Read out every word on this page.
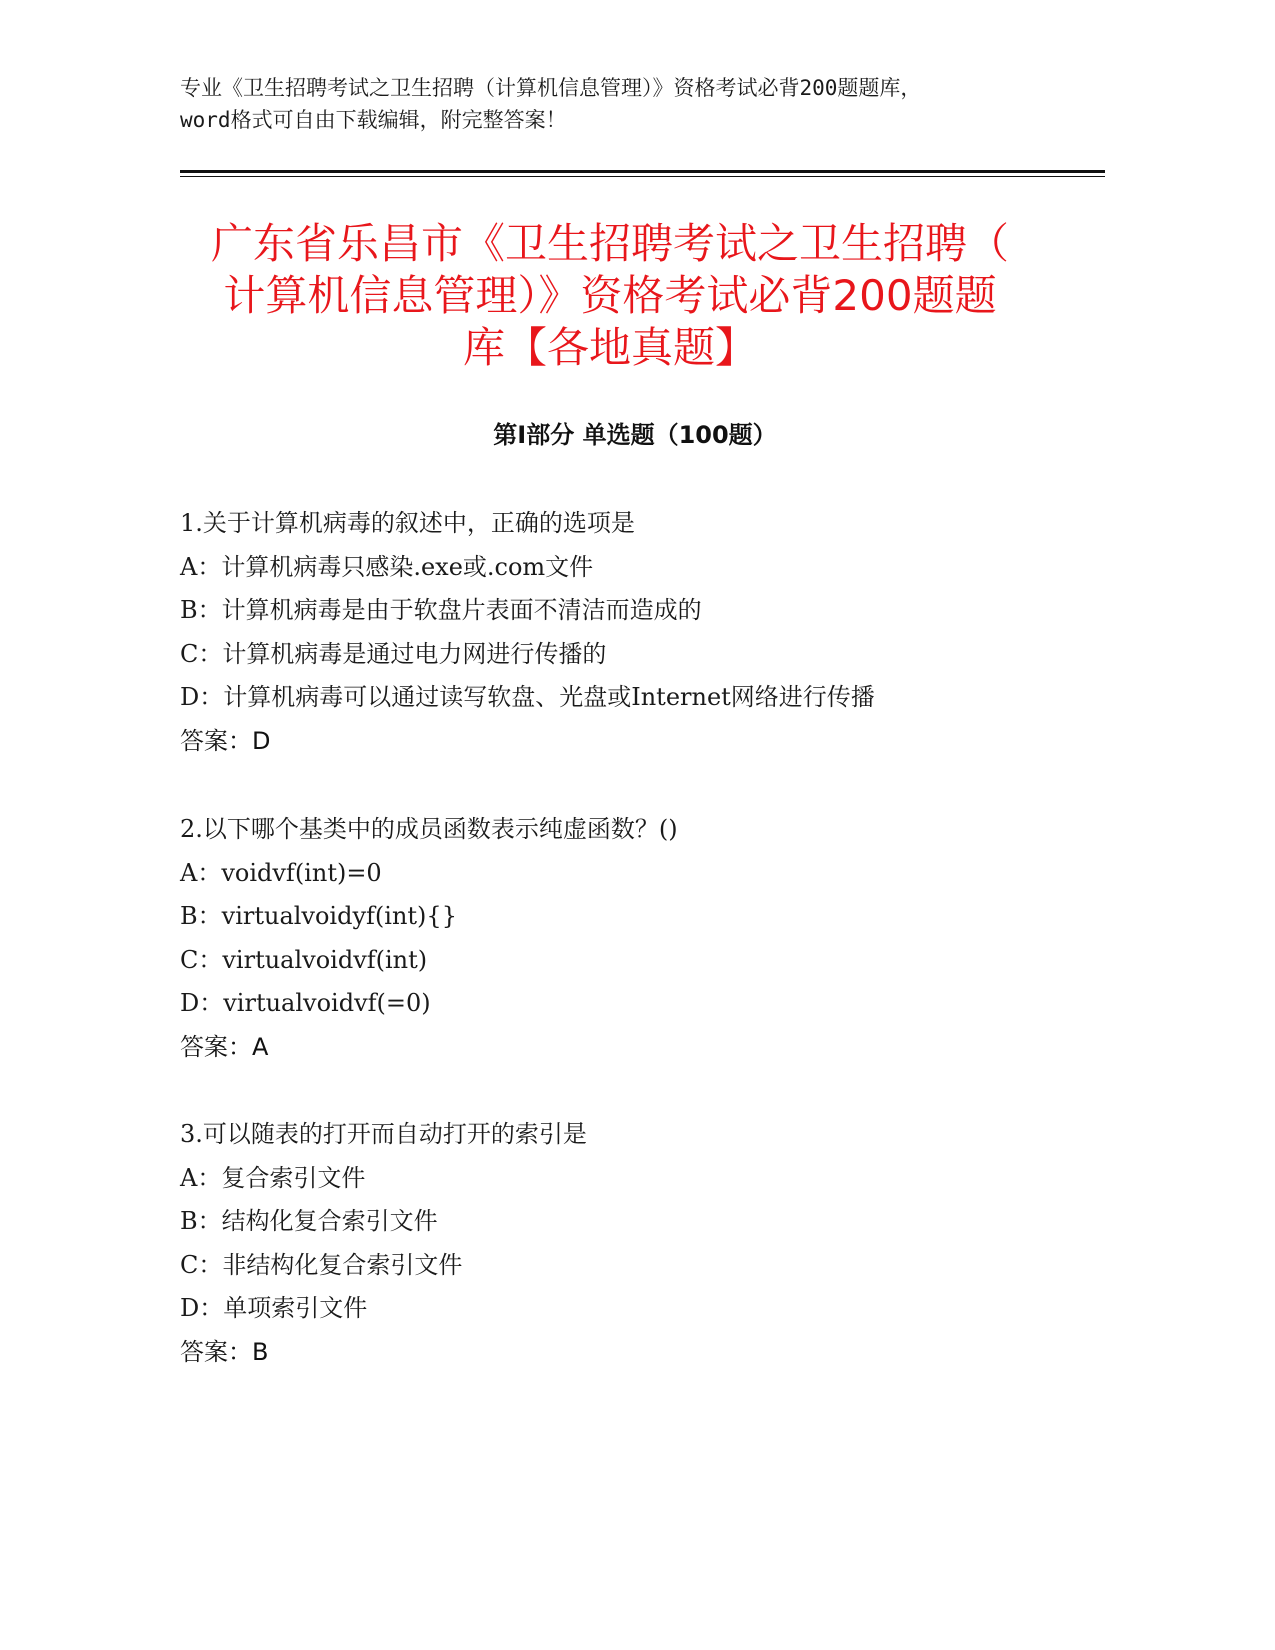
专业《卫生招聘考试之卫生招聘（计算机信息管理）》资格考试必背200题题库，
word格式可自由下载编辑，附完整答案！
广东省乐昌市《卫生招聘考试之卫生招聘（
计算机信息管理）》资格考试必背200题题
库【各地真题】
第I部分 单选题（100题）
1.关于计算机病毒的叙述中，正确的选项是
A：计算机病毒只感染.exe或.com文件
B：计算机病毒是由于软盘片表面不清洁而造成的
C：计算机病毒是通过电力网进行传播的
D：计算机病毒可以通过读写软盘、光盘或Internet网络进行传播
答案：D
2.以下哪个基类中的成员函数表示纯虚函数？()
A：voidvf(int)=0
B：virtualvoidyf(int){}
C：virtualvoidvf(int)
D：virtualvoidvf(=0)
答案：A
3.可以随表的打开而自动打开的索引是
A：复合索引文件
B：结构化复合索引文件
C：非结构化复合索引文件
D：单项索引文件
答案：B
